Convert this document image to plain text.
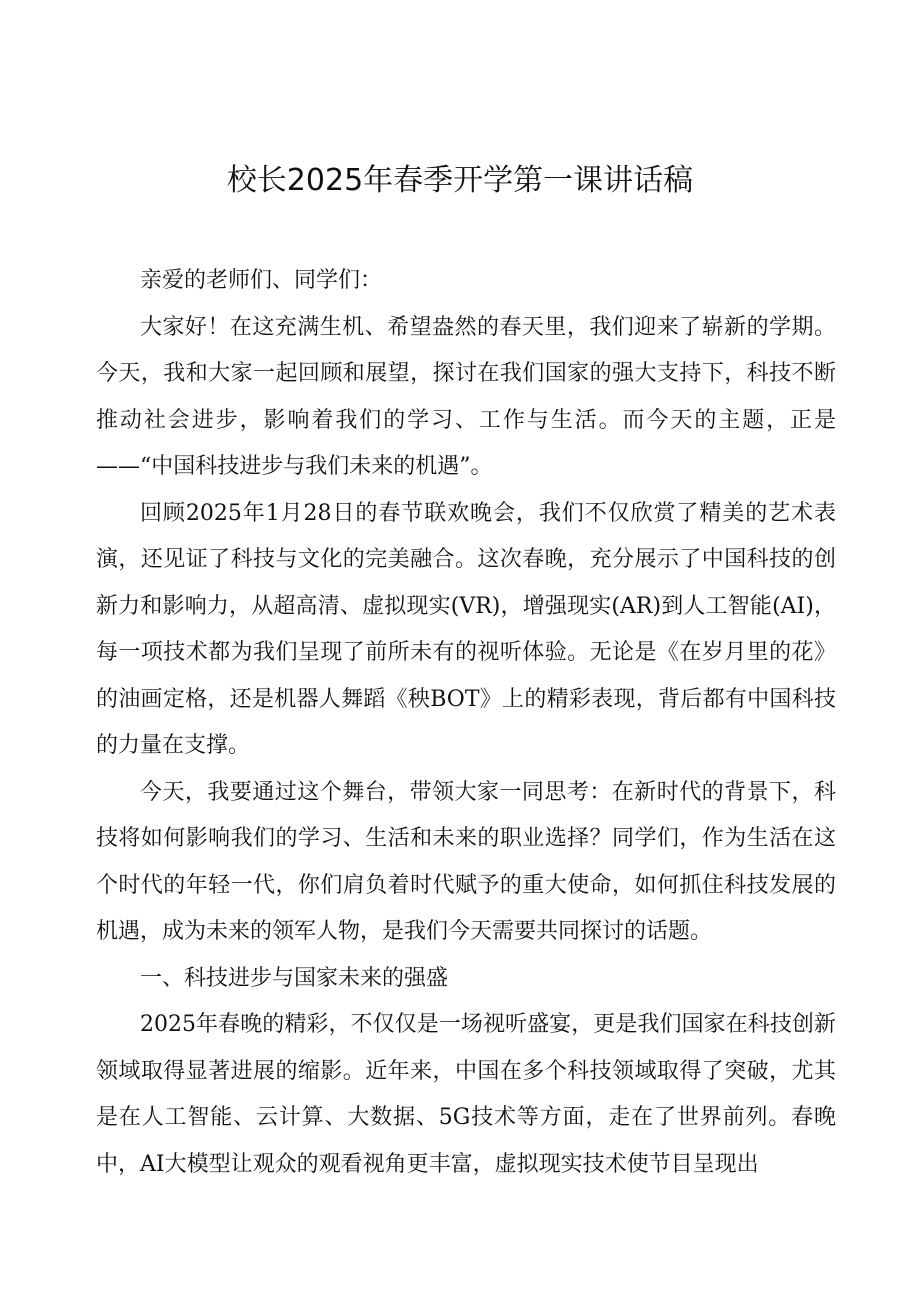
校长2025年春季开学第一课讲话稿

亲爱的老师们、同学们：

大家好！在这充满生机、希望盎然的春天里，我们迎来了崭新的学期。今天，我和大家一起回顾和展望，探讨在我们国家的强大支持下，科技不断推动社会进步，影响着我们的学习、工作与生活。而今天的主题，正是——“中国科技进步与我们未来的机遇”。

回顾2025年1月28日的春节联欢晚会，我们不仅欣赏了精美的艺术表演，还见证了科技与文化的完美融合。这次春晚，充分展示了中国科技的创新力和影响力，从超高清、虚拟现实(VR)，增强现实(AR)到人工智能(AI)，每一项技术都为我们呈现了前所未有的视听体验。无论是《在岁月里的花》的油画定格，还是机器人舞蹈《秧BOT》上的精彩表现，背后都有中国科技的力量在支撑。

今天，我要通过这个舞台，带领大家一同思考：在新时代的背景下，科技将如何影响我们的学习、生活和未来的职业选择？同学们，作为生活在这个时代的年轻一代，你们肩负着时代赋予的重大使命，如何抓住科技发展的机遇，成为未来的领军人物，是我们今天需要共同探讨的话题。

一、科技进步与国家未来的强盛

2025年春晚的精彩，不仅仅是一场视听盛宴，更是我们国家在科技创新领域取得显著进展的缩影。近年来，中国在多个科技领域取得了突破，尤其是在人工智能、云计算、大数据、5G技术等方面，走在了世界前列。春晚中，AI大模型让观众的观看视角更丰富，虚拟现实技术使节目呈现出
